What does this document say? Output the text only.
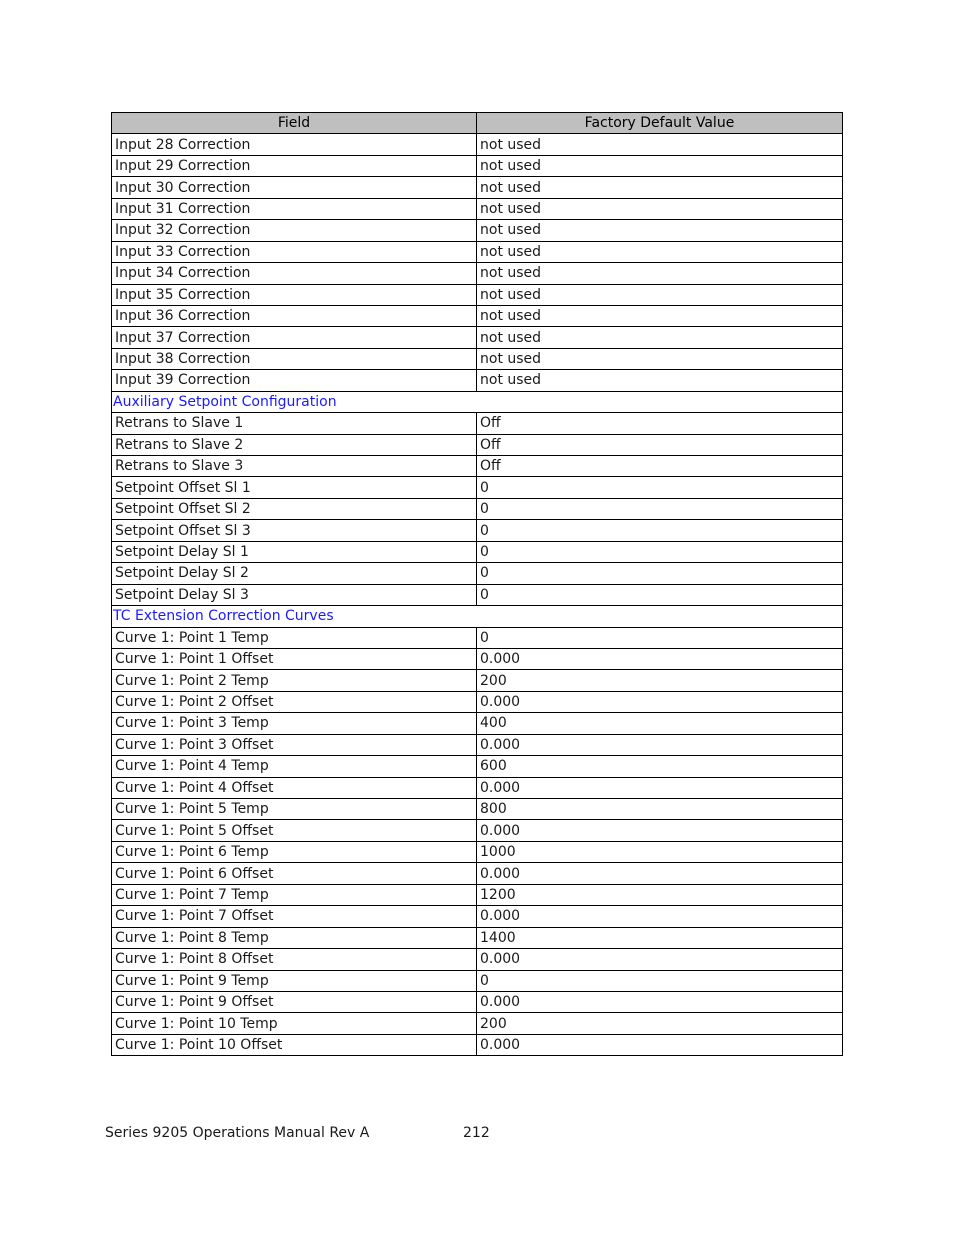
Field	Factory Default Value
Input 28 Correction	not used
Input 29 Correction	not used
Input 30 Correction	not used
Input 31 Correction	not used
Input 32 Correction	not used
Input 33 Correction	not used
Input 34 Correction	not used
Input 35 Correction	not used
Input 36 Correction	not used
Input 37 Correction	not used
Input 38 Correction	not used
Input 39 Correction	not used
Auxiliary Setpoint Configuration	
Retrans to Slave 1	Off
Retrans to Slave 2	Off
Retrans to Slave 3	Off
Setpoint Offset Sl 1	0
Setpoint Offset Sl 2	0
Setpoint Offset Sl 3	0
Setpoint Delay Sl 1	0
Setpoint Delay Sl 2	0
Setpoint Delay Sl 3	0
TC Extension Correction Curves	
Curve 1: Point 1 Temp	0
Curve 1: Point 1 Offset	0.000
Curve 1: Point 2 Temp	200
Curve 1: Point 2 Offset	0.000
Curve 1: Point 3 Temp	400
Curve 1: Point 3 Offset	0.000
Curve 1: Point 4 Temp	600
Curve 1: Point 4 Offset	0.000
Curve 1: Point 5 Temp	800
Curve 1: Point 5 Offset	0.000
Curve 1: Point 6 Temp	1000
Curve 1: Point 6 Offset	0.000
Curve 1: Point 7 Temp	1200
Curve 1: Point 7 Offset	0.000
Curve 1: Point 8 Temp	1400
Curve 1: Point 8 Offset	0.000
Curve 1: Point 9 Temp	0
Curve 1: Point 9 Offset	0.000
Curve 1: Point 10 Temp	200
Curve 1: Point 10 Offset	0.000
Series 9205 Operations Manual Rev A	212
